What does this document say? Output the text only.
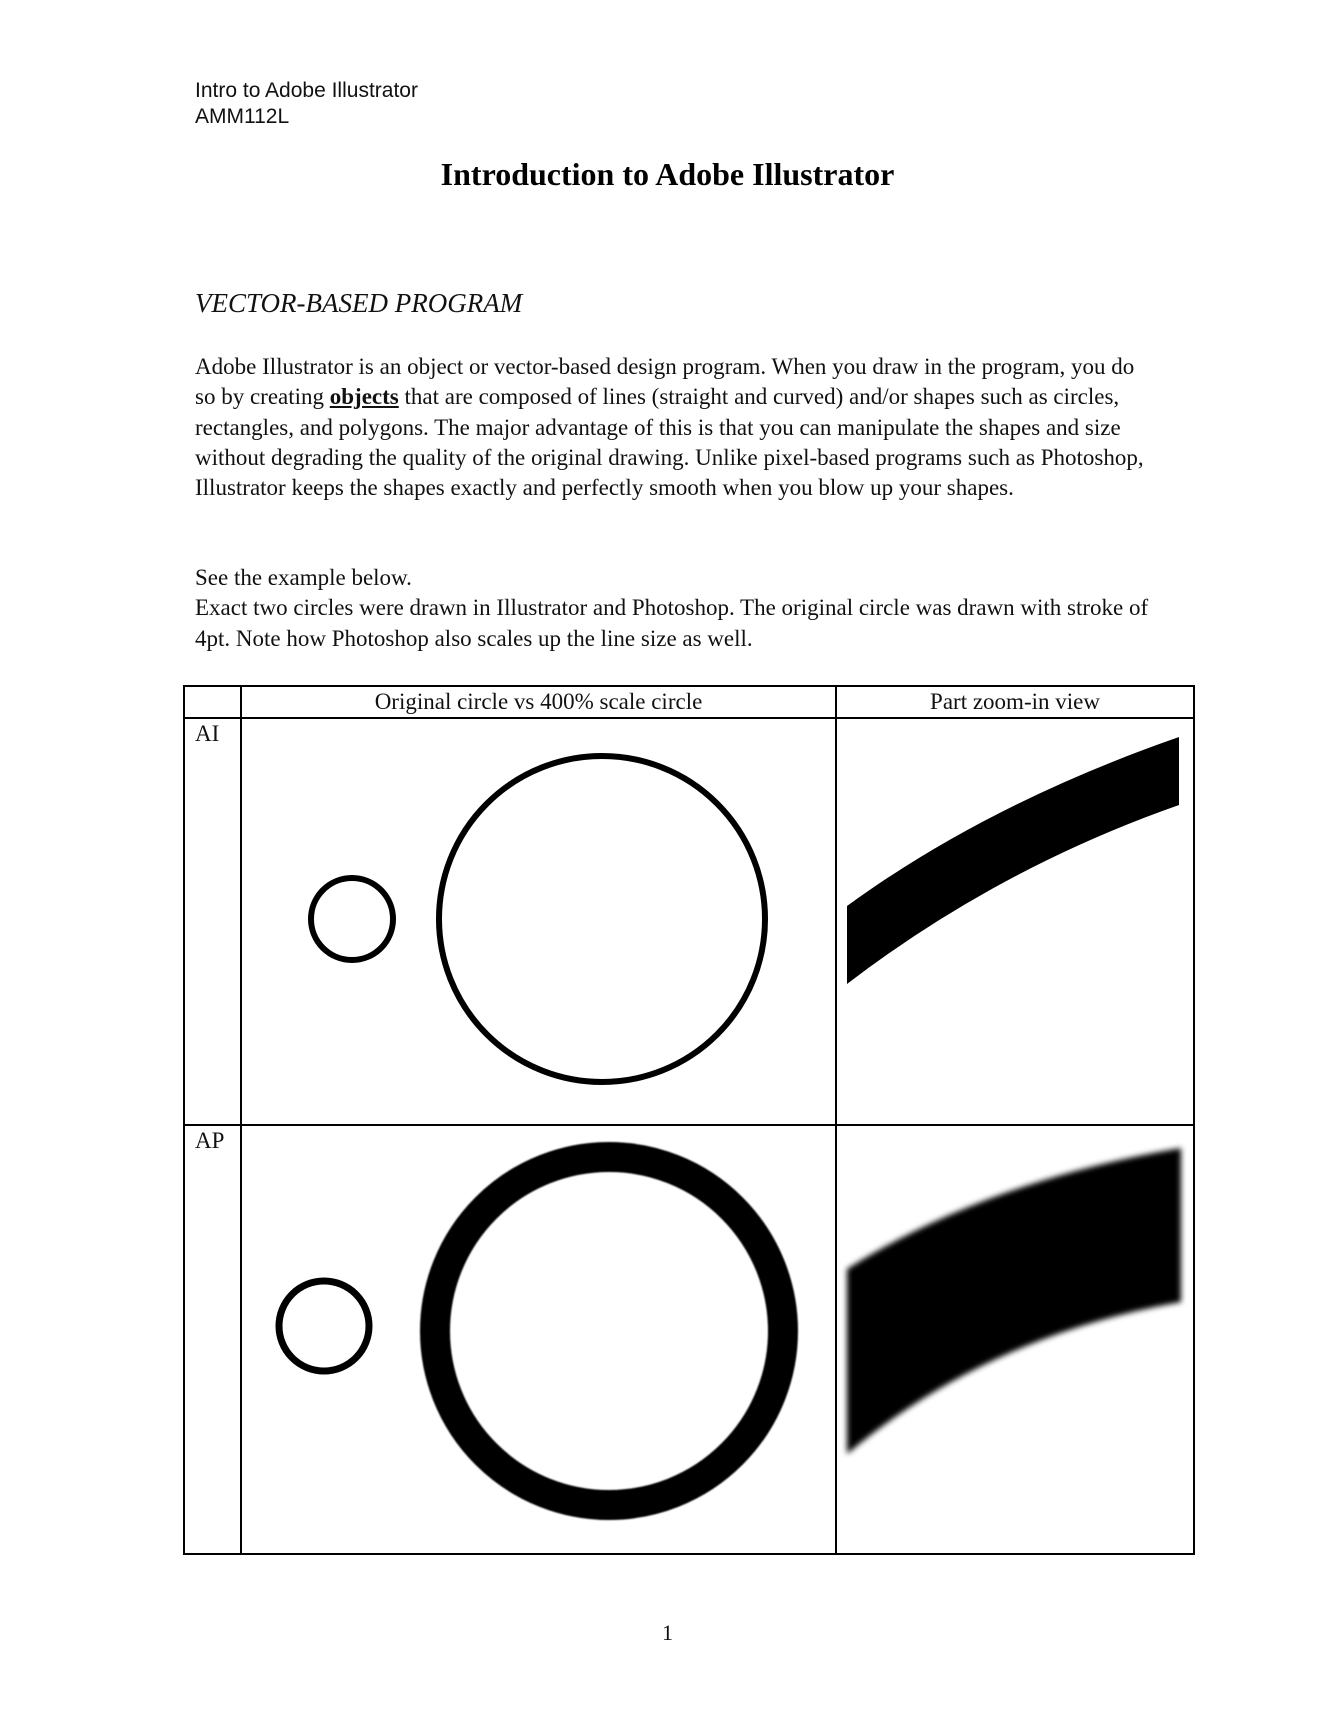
Intro to Adobe Illustrator
AMM112L
Introduction to Adobe Illustrator
VECTOR-BASED PROGRAM

Adobe Illustrator is an object or vector-based design program. When you draw in the program, you do so by creating objects that are composed of lines (straight and curved) and/or shapes such as circles, rectangles, and polygons. The major advantage of this is that you can manipulate the shapes and size without degrading the quality of the original drawing. Unlike pixel-based programs such as Photoshop, Illustrator keeps the shapes exactly and perfectly smooth when you blow up your shapes.

See the example below.
Exact two circles were drawn in Illustrator and Photoshop. The original circle was drawn with stroke of 4pt. Note how Photoshop also scales up the line size as well.
	Original circle vs 400% scale circle	Part zoom-in view
AI	

AP	

1
